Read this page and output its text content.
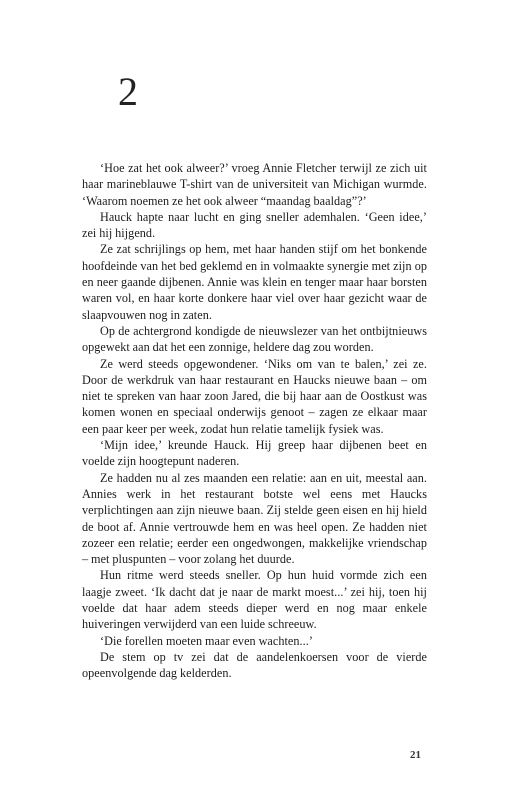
2

‘Hoe zat het ook alweer?’ vroeg Annie Fletcher terwijl ze zich uit haar marineblauwe T-shirt van de universiteit van Michigan wurmde. ‘Waarom noemen ze het ook alweer “maandag baaldag”?’

Hauck hapte naar lucht en ging sneller ademhalen. ‘Geen idee,’ zei hij hijgend.

Ze zat schrijlings op hem, met haar handen stijf om het bonkende hoofdeinde van het bed geklemd en in volmaakte synergie met zijn op en neer gaande dijbenen. Annie was klein en tenger maar haar borsten waren vol, en haar korte donkere haar viel over haar gezicht waar de slaapvouwen nog in zaten.

Op de achtergrond kondigde de nieuwslezer van het ontbijtnieuws opgewekt aan dat het een zonnige, heldere dag zou worden.

Ze werd steeds opgewondener. ‘Niks om van te balen,’ zei ze. Door de werkdruk van haar restaurant en Haucks nieuwe baan – om niet te spreken van haar zoon Jared, die bij haar aan de Oostkust was komen wonen en speciaal onderwijs genoot – zagen ze elkaar maar een paar keer per week, zodat hun relatie tamelijk fysiek was.

‘Mijn idee,’ kreunde Hauck. Hij greep haar dijbenen beet en voelde zijn hoogtepunt naderen.

Ze hadden nu al zes maanden een relatie: aan en uit, meestal aan. Annies werk in het restaurant botste wel eens met Haucks verplichtingen aan zijn nieuwe baan. Zij stelde geen eisen en hij hield de boot af. Annie vertrouwde hem en was heel open. Ze hadden niet zozeer een relatie; eerder een ongedwongen, makkelijke vriendschap – met pluspunten – voor zolang het duurde.

Hun ritme werd steeds sneller. Op hun huid vormde zich een laagje zweet. ‘Ik dacht dat je naar de markt moest...’ zei hij, toen hij voelde dat haar adem steeds dieper werd en nog maar enkele huiveringen verwijderd van een luide schreeuw.

‘Die forellen moeten maar even wachten...’

De stem op tv zei dat de aandelenkoersen voor de vierde opeenvolgende dag kelderden.

21
